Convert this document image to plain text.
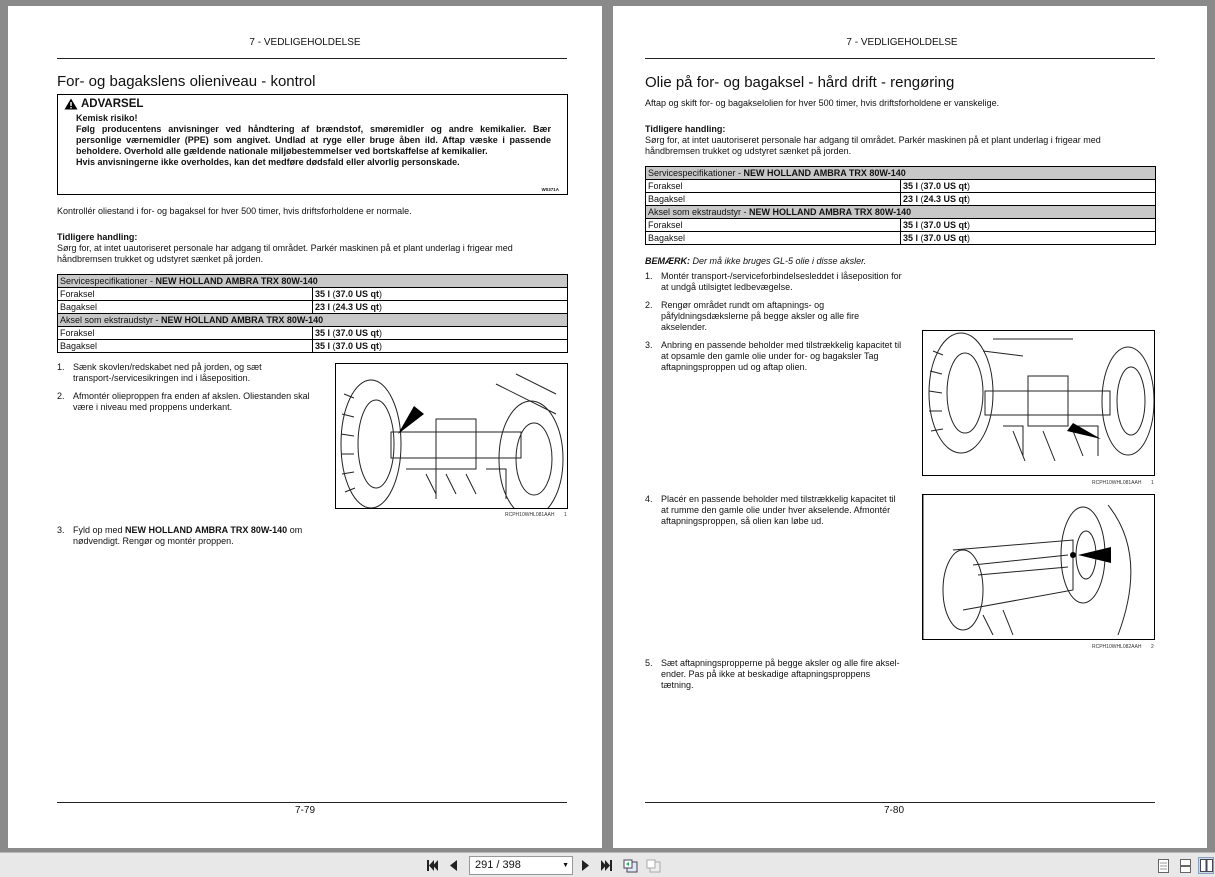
7 - VEDLIGEHOLDELSE
For- og bagakslens olieniveau - kontrol
ADVARSEL
Kemisk risiko!
Følg producentens anvisninger ved håndtering af brændstof, smøremidler og andre kemikalier. Bær personlige værnemidler (PPE) som angivet. Undlad at ryge eller bruge åben ild. Aftap væske i passende beholdere. Overhold alle gældende nationale miljøbestemmelser ved bortskaffelse af kemikalier.
Hvis anvisningerne ikke overholdes, kan det medføre dødsfald eller alvorlig personskade.
W0371A
Kontrollér oliestand i for- og bagaksel for hver 500 timer, hvis driftsforholdene er normale.
Tidligere handling:
Sørg for, at intet uautoriseret personale har adgang til området. Parkér maskinen på et plant underlag i frigear med håndbremsen trukket og udstyret sænket på jorden.
Servicespecifikationer - NEW HOLLAND AMBRA TRX 80W-140	
Foraksel	35 l (37.0 US qt)
Bagaksel	23 l (24.3 US qt)
Aksel som ekstraudstyr - NEW HOLLAND AMBRA TRX 80W-140	
Foraksel	35 l (37.0 US qt)
Bagaksel	35 l (37.0 US qt)
1. Sænk skovlen/redskabet ned på jorden, og sæt transport-/servicesikringen ind i låseposition.
2. Afmontér olieproppen fra enden af akslen. Oliestanden skal være i niveau med proppens underkant.
3. Fyld op med NEW HOLLAND AMBRA TRX 80W-140 om nødvendigt. Rengør og montér proppen.
RCPH10WHL081AAH 1
7-79
7 - VEDLIGEHOLDELSE
Olie på for- og bagaksel - hård drift - rengøring
Aftap og skift for- og bagakselolien for hver 500 timer, hvis driftsforholdene er vanskelige.
Tidligere handling:
Sørg for, at intet uautoriseret personale har adgang til området. Parkér maskinen på et plant underlag i frigear med håndbremsen trukket og udstyret sænket på jorden.
Servicespecifikationer - NEW HOLLAND AMBRA TRX 80W-140	
Foraksel	35 l (37.0 US qt)
Bagaksel	23 l (24.3 US qt)
Aksel som ekstraudstyr - NEW HOLLAND AMBRA TRX 80W-140	
Foraksel	35 l (37.0 US qt)
Bagaksel	35 l (37.0 US qt)
BEMÆRK: Der må ikke bruges GL-5 olie i disse aksler.
1. Montér transport-/serviceforbindelsesleddet i låseposition for at undgå utilsigtet ledbevægelse.
2. Rengør området rundt om aftapnings- og påfyldningsdækslerne på begge aksler og alle fire akselender.
3. Anbring en passende beholder med tilstrækkelig kapacitet til at opsamle den gamle olie under for- og bagaksler Tag aftapningsproppen ud og aftap olien.
4. Placér en passende beholder med tilstrækkelig kapacitet til at rumme den gamle olie under hver akselende. Afmontér aftapningsproppen, så olien kan løbe ud.
5. Sæt aftapningspropperne på begge aksler og alle fire aksel-ender. Pas på ikke at beskadige aftapningsproppens tætning.
RCPH10WHL081AAH 1
RCPH10WHL082AAH 2
7-80
291 / 398	▼
